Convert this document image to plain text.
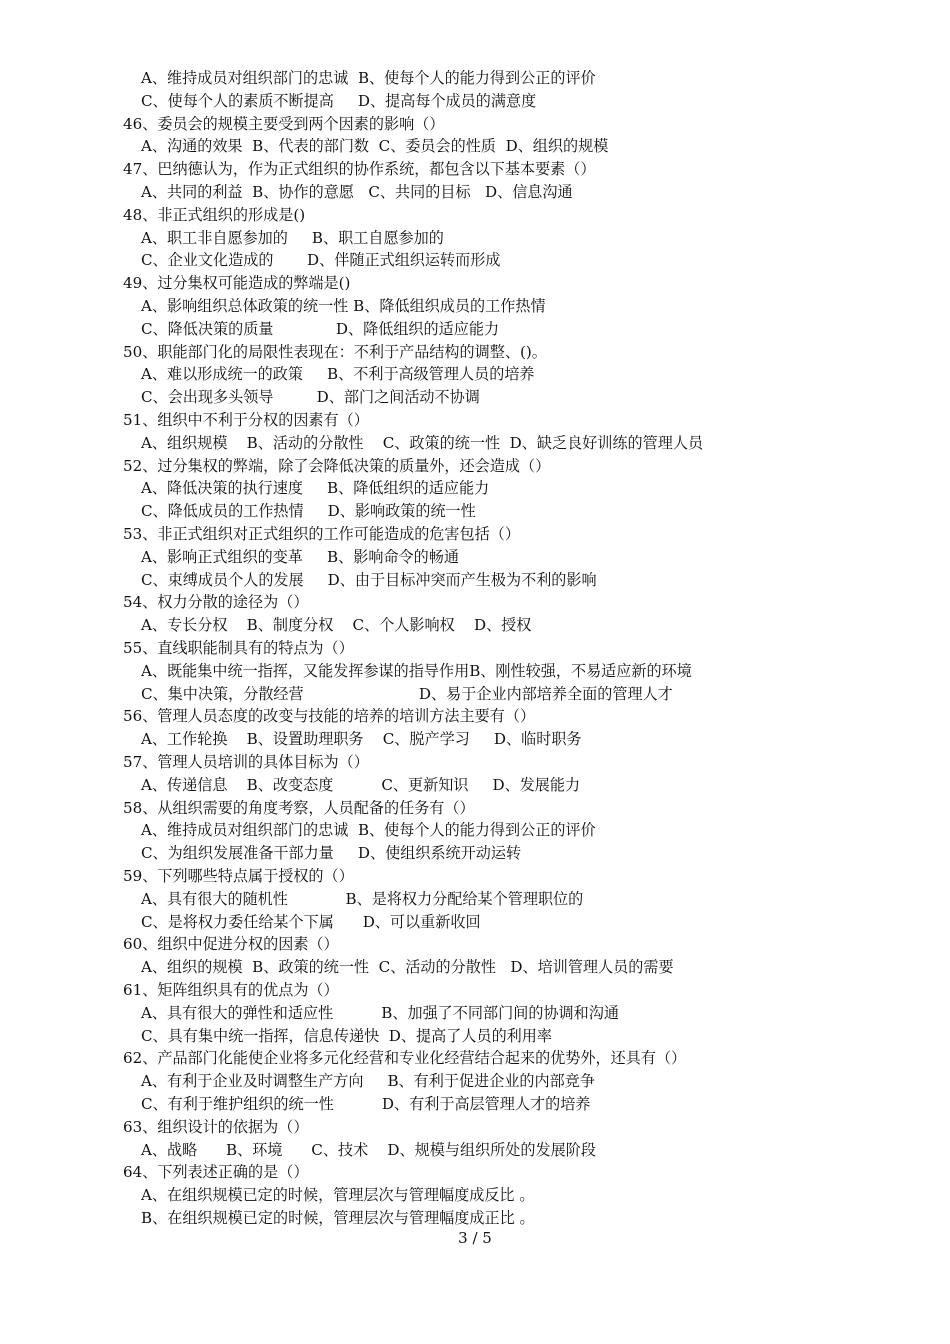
A、维持成员对组织部门的忠诚  B、使每个人的能力得到公正的评价
C、使每个人的素质不断提高     D、提高每个成员的满意度
46、委员会的规模主要受到两个因素的影响（）
A、沟通的效果  B、代表的部门数  C、委员会的性质  D、组织的规模
47、巴纳德认为，作为正式组织的协作系统，都包含以下基本要素（）
A、共同的利益  B、协作的意愿   C、共同的目标   D、信息沟通
48、非正式组织的形成是()
A、职工非自愿参加的     B、职工自愿参加的
C、企业文化造成的       D、伴随正式组织运转而形成
49、过分集权可能造成的弊端是()
A、影响组织总体政策的统一性 B、降低组织成员的工作热情
C、降低决策的质量             D、降低组织的适应能力
50、职能部门化的局限性表现在：不利于产品结构的调整、()。
A、难以形成统一的政策     B、不利于高级管理人员的培养
C、会出现多头领导         D、部门之间活动不协调
51、组织中不利于分权的因素有（）
A、组织规模    B、活动的分散性    C、政策的统一性  D、缺乏良好训练的管理人员
52、过分集权的弊端，除了会降低决策的质量外，还会造成（）
A、降低决策的执行速度     B、降低组织的适应能力
C、降低成员的工作热情     D、影响政策的统一性
53、非正式组织对正式组织的工作可能造成的危害包括（）
A、影响正式组织的变革     B、影响命令的畅通
C、束缚成员个人的发展     D、由于目标冲突而产生极为不利的影响
54、权力分散的途径为（）
A、专长分权    B、制度分权    C、个人影响权    D、授权
55、直线职能制具有的特点为（）
A、既能集中统一指挥，又能发挥参谋的指导作用B、刚性较强，不易适应新的环境
C、集中决策，分散经营                        D、易于企业内部培养全面的管理人才
56、管理人员态度的改变与技能的培养的培训方法主要有（）
A、工作轮换    B、设置助理职务    C、脱产学习     D、临时职务
57、管理人员培训的具体目标为（）
A、传递信息    B、改变态度          C、更新知识     D、发展能力
58、从组织需要的角度考察，人员配备的任务有（）
A、维持成员对组织部门的忠诚  B、使每个人的能力得到公正的评价
C、为组织发展准备干部力量     D、使组织系统开动运转
59、下列哪些特点属于授权的（）
A、具有很大的随机性            B、是将权力分配给某个管理职位的
C、是将权力委任给某个下属      D、可以重新收回
60、组织中促进分权的因素（）
A、组织的规模  B、政策的统一性  C、活动的分散性   D、培训管理人员的需要
61、矩阵组织具有的优点为（）
A、具有很大的弹性和适应性          B、加强了不同部门间的协调和沟通
C、具有集中统一指挥，信息传递快  D、提高了人员的利用率
62、产品部门化能使企业将多元化经营和专业化经营结合起来的优势外，还具有（）
A、有利于企业及时调整生产方向     B、有利于促进企业的内部竞争
C、有利于维护组织的统一性          D、有利于高层管理人才的培养
63、组织设计的依据为（）
A、战略      B、环境      C、技术    D、规模与组织所处的发展阶段
64、下列表述正确的是（）
A、在组织规模已定的时候，管理层次与管理幅度成反比 。
B、在组织规模已定的时候，管理层次与管理幅度成正比 。
3 / 5
